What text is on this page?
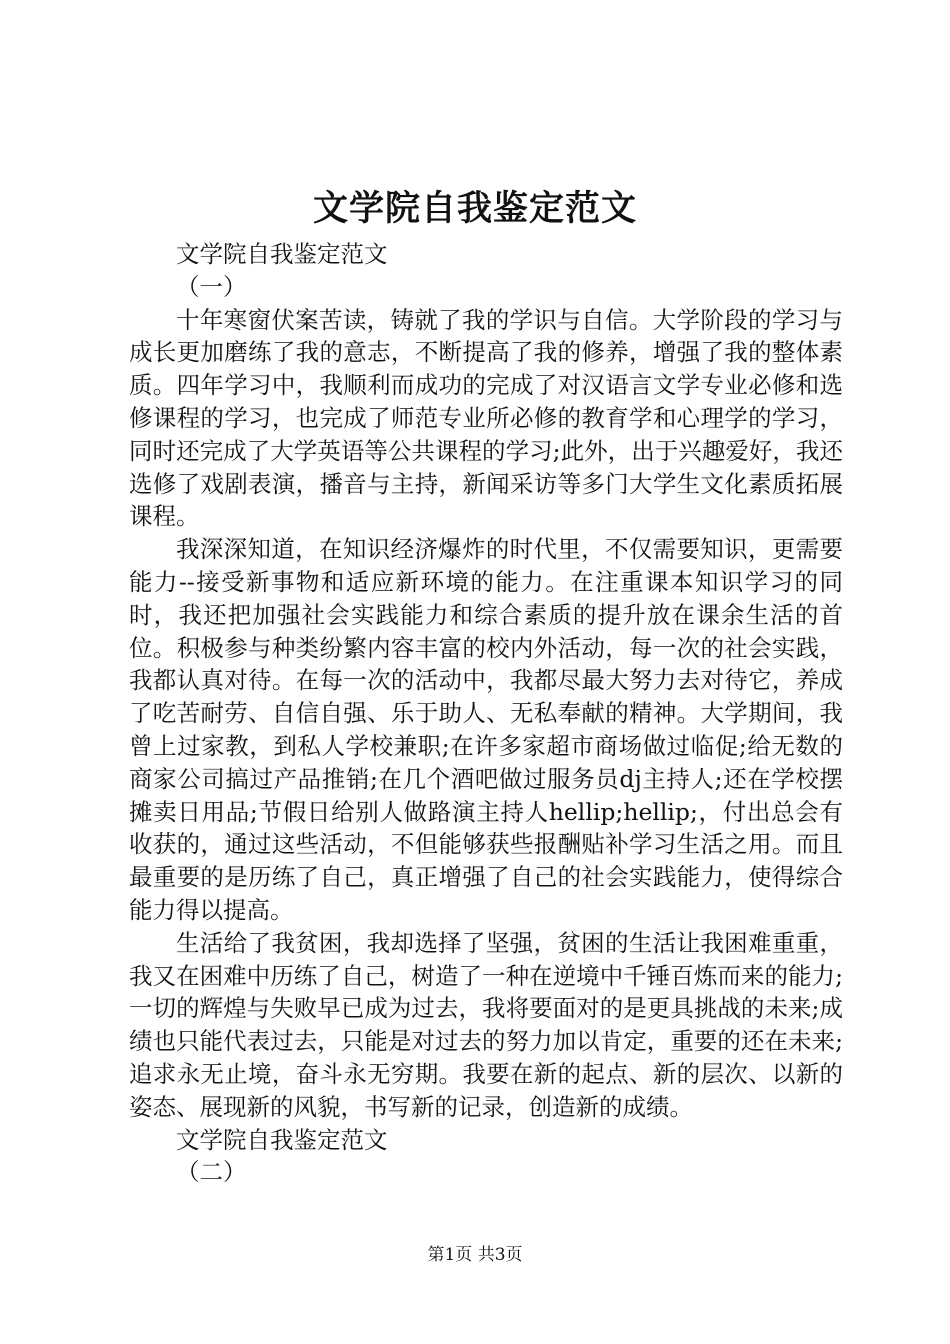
文学院自我鉴定范文

文学院自我鉴定范文

（一）

十年寒窗伏案苦读，铸就了我的学识与自信。大学阶段的学习与成长更加磨练了我的意志，不断提高了我的修养，增强了我的整体素质。四年学习中，我顺利而成功的完成了对汉语言文学专业必修和选修课程的学习，也完成了师范专业所必修的教育学和心理学的学习，同时还完成了大学英语等公共课程的学习;此外，出于兴趣爱好，我还选修了戏剧表演，播音与主持，新闻采访等多门大学生文化素质拓展课程。

我深深知道，在知识经济爆炸的时代里，不仅需要知识，更需要能力--接受新事物和适应新环境的能力。在注重课本知识学习的同时，我还把加强社会实践能力和综合素质的提升放在课余生活的首位。积极参与种类纷繁内容丰富的校内外活动，每一次的社会实践，我都认真对待。在每一次的活动中，我都尽最大努力去对待它，养成了吃苦耐劳、自信自强、乐于助人、无私奉献的精神。大学期间，我曾上过家教，到私人学校兼职;在许多家超市商场做过临促;给无数的商家公司搞过产品推销;在几个酒吧做过服务员dj主持人;还在学校摆摊卖日用品;节假日给别人做路演主持人hellip;hellip;，付出总会有收获的，通过这些活动，不但能够获些报酬贴补学习生活之用。而且最重要的是历练了自己，真正增强了自己的社会实践能力，使得综合能力得以提高。

生活给了我贫困，我却选择了坚强，贫困的生活让我困难重重，我又在困难中历练了自己，树造了一种在逆境中千锤百炼而来的能力;一切的辉煌与失败早已成为过去，我将要面对的是更具挑战的未来;成绩也只能代表过去，只能是对过去的努力加以肯定，重要的还在未来;追求永无止境，奋斗永无穷期。我要在新的起点、新的层次、以新的姿态、展现新的风貌，书写新的记录，创造新的成绩。

文学院自我鉴定范文

（二）

第1页 共3页
